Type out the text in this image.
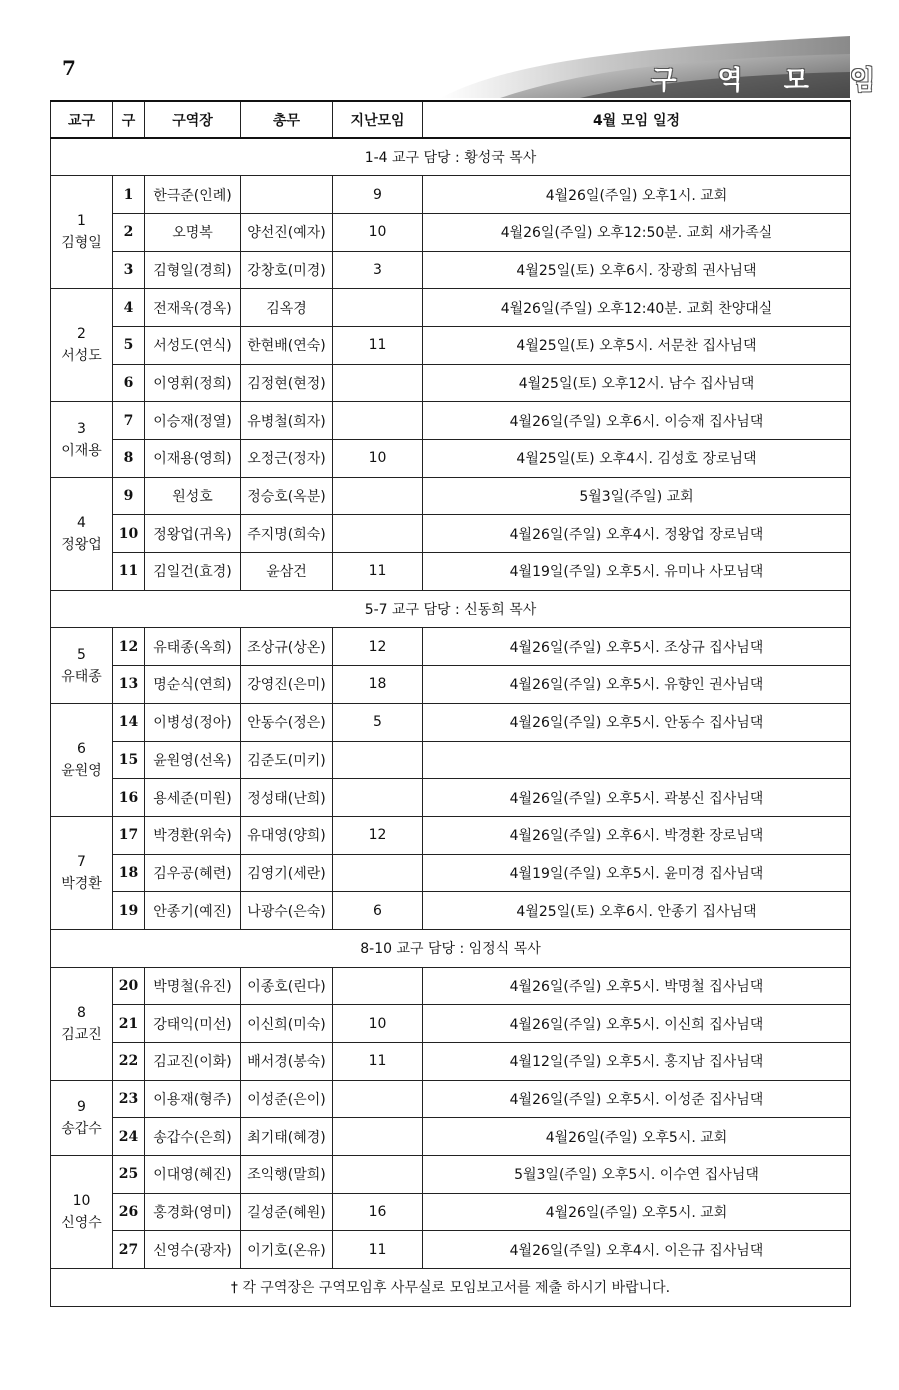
7	구 역 모 임
교구	구	구역장	총무	지난모임	4월 모임 일정
1-4 교구 담당 : 황성국 목사					

1
김형일	1	한극준(인례)		9	4월26일(주일) 오후1시. 교회
	2	오명복	양선진(예자)	10	4월26일(주일) 오후12:50분. 교회 새가족실
	3	김형일(경희)	강창호(미경)	3	4월25일(토) 오후6시. 장광희 권사님댁

2
서성도	4	전재욱(경옥)	김옥경		4월26일(주일) 오후12:40분. 교회 찬양대실
	5	서성도(연식)	한현배(연숙)	11	4월25일(토) 오후5시. 서문찬 집사님댁
	6	이영휘(정희)	김정현(현정)		4월25일(토) 오후12시. 남수 집사님댁

3
이재용	7	이승재(정열)	유병철(희자)		4월26일(주일) 오후6시. 이승재 집사님댁
	8	이재용(영희)	오정근(정자)	10	4월25일(토) 오후4시. 김성호 장로님댁

4
정왕업	9	원성호	정승호(옥분)		5월3일(주일) 교회
	10	정왕업(귀옥)	주지명(희숙)		4월26일(주일) 오후4시. 정왕업 장로님댁
	11	김일건(효경)	윤삼건	11	4월19일(주일) 오후5시. 유미나 사모님댁
5-7 교구 담당 : 신동희 목사					

5
유태종	12	유태종(옥희)	조상규(상온)	12	4월26일(주일) 오후5시. 조상규 집사님댁
	13	명순식(연희)	강영진(은미)	18	4월26일(주일) 오후5시. 유향인 권사님댁

6
윤원영	14	이병성(정아)	안동수(정은)	5	4월26일(주일) 오후5시. 안동수 집사님댁
	15	윤원영(선옥)	김준도(미키)		
	16	용세준(미원)	정성태(난희)		4월26일(주일) 오후5시. 곽봉신 집사님댁

7
박경환	17	박경환(위숙)	유대영(양희)	12	4월26일(주일) 오후6시. 박경환 장로님댁
	18	김우공(혜련)	김영기(세란)		4월19일(주일) 오후5시. 윤미경 집사님댁
	19	안종기(예진)	나광수(은숙)	6	4월25일(토) 오후6시. 안종기 집사님댁
8-10 교구 담당 : 임정식 목사					

8
김교진	20	박명철(유진)	이종호(린다)		4월26일(주일) 오후5시. 박명철 집사님댁
	21	강태익(미선)	이신희(미숙)	10	4월26일(주일) 오후5시. 이신희 집사님댁
	22	김교진(이화)	배서경(봉숙)	11	4월12일(주일) 오후5시. 홍지남 집사님댁

9
송갑수	23	이용재(형주)	이성준(은이)		4월26일(주일) 오후5시. 이성준 집사님댁
	24	송갑수(은희)	최기태(혜경)		4월26일(주일) 오후5시. 교회

10
신영수	25	이대영(혜진)	조익행(말희)		5월3일(주일) 오후5시. 이수연 집사님댁
	26	홍경화(영미)	길성준(혜원)	16	4월26일(주일) 오후5시. 교회
	27	신영수(광자)	이기호(온유)	11	4월26일(주일) 오후4시. 이은규 집사님댁
† 각 구역장은 구역모임후 사무실로 모임보고서를 제출 하시기 바랍니다.					
